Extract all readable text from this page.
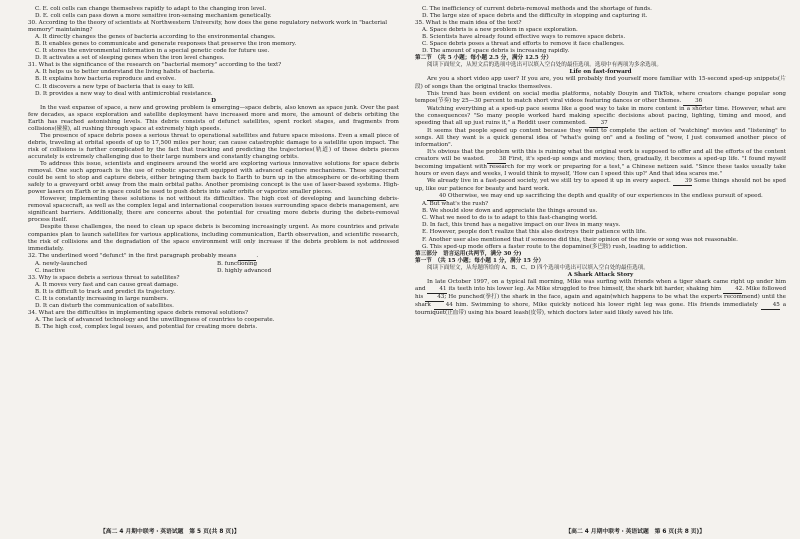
C. E. coli cells can change themselves rapidly to adapt to the changing iron level.

D. E. coli cells can pass down a more sensitive iron-sensing mechanism genetically.

30. According to the theory of scientists at Northwestern University, how does the gene regulatory network work in "bacterial memory" maintaining?

A. It directly changes the genes of bacteria according to the environmental changes.

B. It enables genes to communicate and generate responses that preserve the iron memory.

C. It stores the environmental information in a special genetic code for future use.

D. It activates a set of sleeping genes when the iron level changes.

31. What is the significance of the research on "bacterial memory" according to the text?

A. It helps us to better understand the living habits of bacteria.

B. It explains how bacteria reproduce and evolve.

C. It discovers a new type of bacteria that is easy to kill.

D. It provides a new way to deal with antimicrobial resistance.

D

In the vast expanse of space, a new and growing problem is emerging—space debris, also known as space junk. Over the past few decades, as space exploration and satellite deployment have increased more and more, the amount of debris orbiting the Earth has reached astonishing levels. This debris consists of defunct satellites, spent rocket stages, and fragments from collisions(碰撞), all rushing through space at extremely high speeds.

The presence of space debris poses a serious threat to operational satellites and future space missions. Even a small piece of debris, traveling at orbital speeds of up to 17,500 miles per hour, can cause catastrophic damage to a satellite upon impact. The risk of collisions is further complicated by the fact that tracking and predicting the trajectories(轨道) of these debris pieces accurately is extremely challenging due to their large numbers and constantly changing orbits.

To address this issue, scientists and engineers around the world are exploring various innovative solutions for space debris removal. One such approach is the use of robotic spacecraft equipped with advanced capture mechanisms. These spacecraft could be sent to stop and capture debris, either bringing them back to Earth to burn up in the atmosphere or de-orbiting them safely to a graveyard orbit away from the main orbital paths. Another promising concept is the use of laser-based systems. High-power lasers on Earth or in space could be used to push debris into safer orbits or vaporize smaller pieces.

However, implementing these solutions is not without its difficulties. The high cost of developing and launching debris-removal spacecraft, as well as the complex legal and international cooperation issues surrounding space debris management, are significant barriers. Additionally, there are concerns about the potential for creating more debris during the debris-removal process itself.

Despite these challenges, the need to clean up space debris is becoming increasingly urgent. As more countries and private companies plan to launch satellites for various applications, including communication, Earth observation, and scientific research, the risk of collisions and the degradation of the space environment will only increase if the debris problem is not addressed immediately.

32. The underlined word "defunct" in the first paragraph probably means	.

A. newly-launched	B. functioning
C. inactive	D. highly advanced

33. Why is space debris a serious threat to satellites?

A. It moves very fast and can cause great damage.

B. It is difficult to track and predict its trajectory.

C. It is constantly increasing in large numbers.

D. It can disturb the communication of satellites.

34. What are the difficulties in implementing space debris removal solutions?

A. The lack of advanced technology and the unwillingness of countries to cooperate.

B. The high cost, complex legal issues, and potential for creating more debris.

C. The inefficiency of current debris-removal methods and the shortage of funds.

D. The large size of space debris and the difficulty in stopping and capturing it.

35. What is the main idea of the text?

A. Space debris is a new problem in space exploration.

B. Scientists have already found effective ways to remove space debris.

C. Space debris poses a threat and efforts to remove it face challenges.

D. The amount of space debris is increasing rapidly.

第二节　（共 5 小题；每小题 2.5 分，满分 12.5 分）

阅读下面短文，从短文后的选项中选出可以填入空白处的最佳选项。选项中有两项为多余选项。

Life on fast-forward

Are you a short video app user? If you are, you will probably find yourself more familiar with 15-second sped-up snippets(片段) of songs than the original tracks themselves.

This trend has been evident on social media platforms, notably Douyin and TikTok, where creators change popular song tempos(节奏) by 25—30 percent to match short viral videos featuring dances or other themes. 36

Watching everything at a sped-up pace seems like a good way to take in more content in a shorter time. However, what are the consequences? "So many people worked hard making specific decisions about pacing, lighting, timing and mood, and speeding that all up just ruins it," a Reddit user commented. 37

It seems that people speed up content because they want to complete the action of "watching" movies and "listening" to songs. All they want is a quick general idea of "what's going on" and a feeling of "wow, I just consumed another piece of information".

It's obvious that the problem with this is ruining what the original work is supposed to offer and all the efforts of the content creators will be wasted.	38 First, it's sped-up songs and movies; then, gradually, it becomes a sped-up life. "I found myself becoming impatient with research for my work or preparing for a test," a Chinese netizen said. "Since these tasks usually take hours or even days and weeks, I would think to myself, 'How can I speed this up?' And that idea scares me."

We already live in a fast-paced society, yet we still try to speed it up in every aspect.	39 Some things should not be sped up, like our patience for beauty and hard work.

40 Otherwise, we may end up sacrificing the depth and quality of our experiences in the endless pursuit of speed.

A. But what's the rush?

B. We should slow down and appreciate the things around us.

C. What we need to do is to adapt to this fast-changing world.

D. In fact, this trend has a negative impact on our lives in many ways.

E. However, people don't realize that this also destroys their patience with life.

F. Another user also mentioned that if someone did this, their opinion of the movie or song was not reasonable.

G. This sped-up mode offers a faster route to the dopamine(多巴胺) rush, leading to addiction.

第三部分　语言运用(共两节，满分 30 分)

第一节　（共 15 小题；每小题 1 分，满分 15 分）

阅读下面短文，从每题所给的 A、B、C、D 四个选项中选出可以填入空白处的最佳选项。

A Shark Attack Story

In late October 1997, on a typical fall morning, Mike was surfing with friends when a tiger shark came right up under him and 41 its teeth into his lower leg. As Mike struggled to free himself, the shark bit harder, shaking him 42. Mike followed his	43; He punched(拳打) the shark in the face, again and again(which happens to be what the experts recommend) until the shark	44 him. Swimming to shore, Mike quickly noticed his lower right leg was gone. His friends immediately	45 a tourniquet(止血带) using his board leash(皮带), which doctors later said likely saved his life.

【高二 4 月期中联考・英语试题　第 5 页(共 8 页)】	【高二 4 月期中联考・英语试题　第 6 页(共 8 页)】
